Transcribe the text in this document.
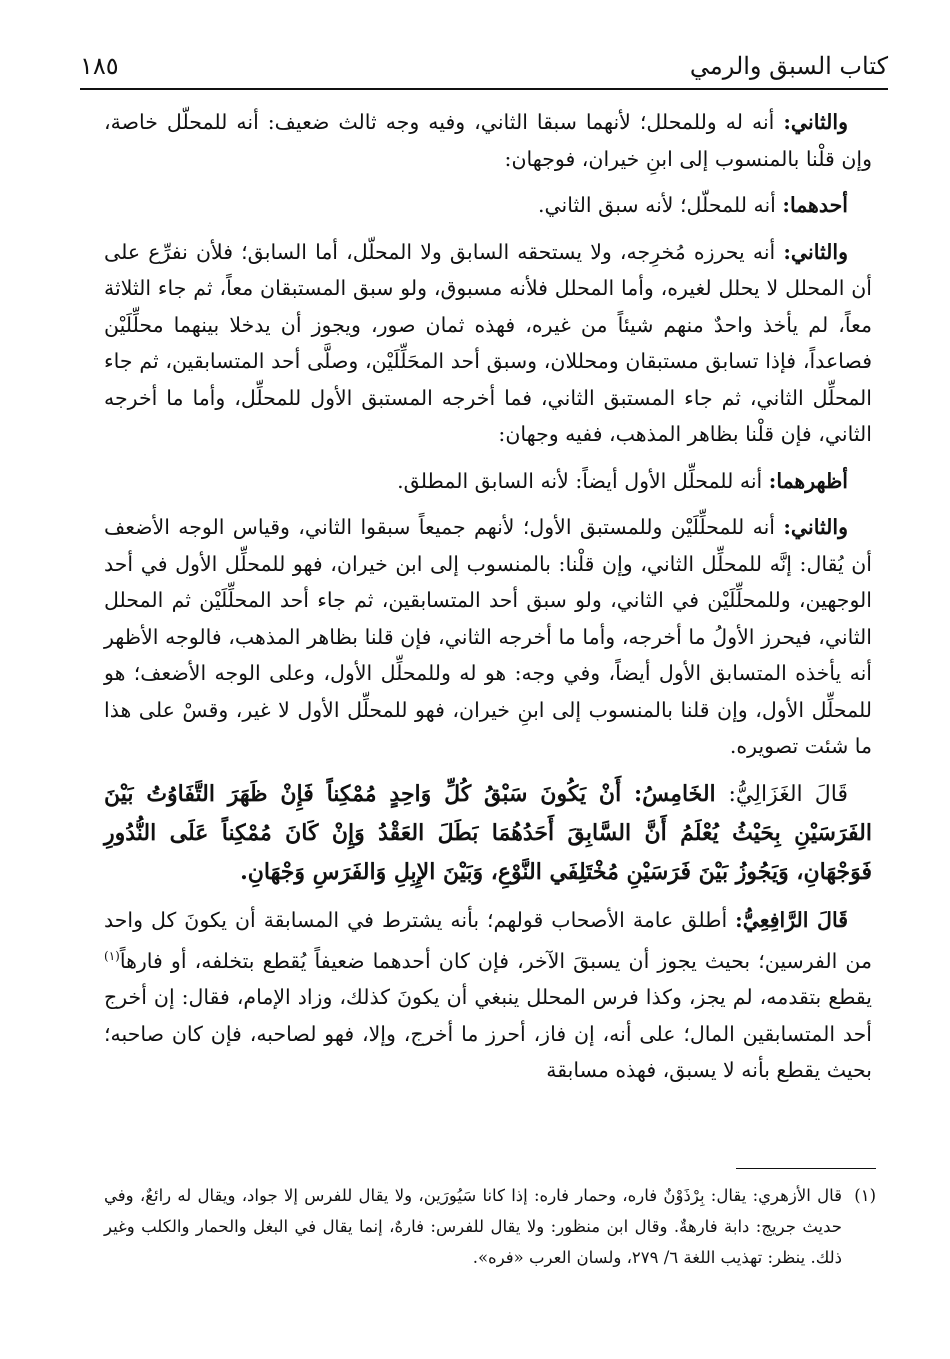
كتاب السبق والرمي
١٨٥

والثاني: أنه له وللمحلل؛ لأنهما سبقا الثاني، وفيه وجه ثالث ضعيف: أنه للمحلّل خاصة، وإن قلْنا بالمنسوب إلى ابنِ خيران، فوجهان:

أحدهما: أنه للمحلّل؛ لأنه سبق الثاني.

والثاني: أنه يحرزه مُخرِجه، ولا يستحقه السابق ولا المحلّل، أما السابق؛ فلأن نفرِّع على أن المحلل لا يحلل لغيره، وأما المحلل فلأنه مسبوق، ولو سبق المستبقان معاً، ثم جاء الثلاثة معاً، لم يأخذ واحدٌ منهم شيئاً من غيره، فهذه ثمان صور، ويجوز أن يدخلا بينهما محلِّلَيْن فصاعداً، فإذا تسابق مستبقان ومحللان، وسبق أحد المحَلِّلَيْن، وصلَّى أحد المتسابقين، ثم جاء المحلِّل الثاني، ثم جاء المستبق الثاني، فما أخرجه المستبق الأول للمحلِّل، وأما ما أخرجه الثاني، فإن قلْنا بظاهر المذهب، ففيه وجهان:

أظهرهما: أنه للمحلِّل الأول أيضاً: لأنه السابق المطلق.

والثاني: أنه للمحلِّلَيْن وللمستبق الأول؛ لأنهم جميعاً سبقوا الثاني، وقياس الوجه الأضعف أن يُقال: إنَّه للمحلِّل الثاني، وإن قلْنا: بالمنسوب إلى ابن خيران، فهو للمحلِّل الأول في أحد الوجهين، وللمحلِّلَيْن في الثاني، ولو سبق أحد المتسابقين، ثم جاء أحد المحلِّلَيْن ثم المحلل الثاني، فيحرز الأولُ ما أخرجه، وأما ما أخرجه الثاني، فإن قلنا بظاهر المذهب، فالوجه الأظهر أنه يأخذه المتسابق الأول أيضاً، وفي وجه: هو له وللمحلِّل الأول، وعلى الوجه الأضعف؛ هو للمحلِّل الأول، وإن قلنا بالمنسوب إلى ابنِ خيران، فهو للمحلِّل الأول لا غير، وقسْ على هذا ما شئت تصويره.

قَالَ الغَزَالِيُّ: الخَامِسُ: أَنْ يَكُونَ سَبْقُ كُلِّ وَاحِدٍ مُمْكِناً فَإِنْ ظَهَرَ التَّفَاوُتُ بَيْنَ الفَرَسَيْنِ بِحَيْثُ يُعْلَمُ أَنَّ السَّابِقَ أَحَدُهُمَا بَطَلَ العَقْدُ وَإِنْ كَانَ مُمْكِناً عَلَى النُّدُورِ فَوَجْهَانِ، وَيَجُوزُ بَيْنَ فَرَسَيْنِ مُخْتَلِفَي النَّوْعِ، وَبَيْنَ الإِبِلِ وَالفَرَسِ وَجْهَانِ.

قَالَ الرَّافِعِيُّ: أطلق عامة الأصحاب قولهم؛ بأنه يشترط في المسابقة أن يكونَ كل واحد من الفرسين؛ بحيث يجوز أن يسبقَ الآخر، فإن كان أحدهما ضعيفاً يُقطع بتخلفه، أو فارهاً$^{(١)}$ يقطع بتقدمه، لم يجز، وكذا فرس المحلل ينبغي أن يكونَ كذلك، وزاد الإمام، فقال: إن أخرج أحد المتسابقين المال؛ على أنه، إن فاز، أحرز ما أخرج، وإلا، فهو لصاحبه، فإن كان صاحبه؛ بحيث يقطع بأنه لا يسبق، فهذه مسابقة

(١)
قال الأزهري: يقال: بِرْذَوْنٌ فاره، وحمار فاره: إذا كانا سَيُورَين، ولا يقال للفرس إلا جواد، ويقال له رائعٌ، وفي حديث جريج: دابة فارهةٌ. وقال ابن منظور: ولا يقال للفرس: فارهٌ، إنما يقال في البغل والحمار والكلب وغير ذلك. ينظر: تهذيب اللغة ٦/ ٢٧٩، ولسان العرب «فره».
